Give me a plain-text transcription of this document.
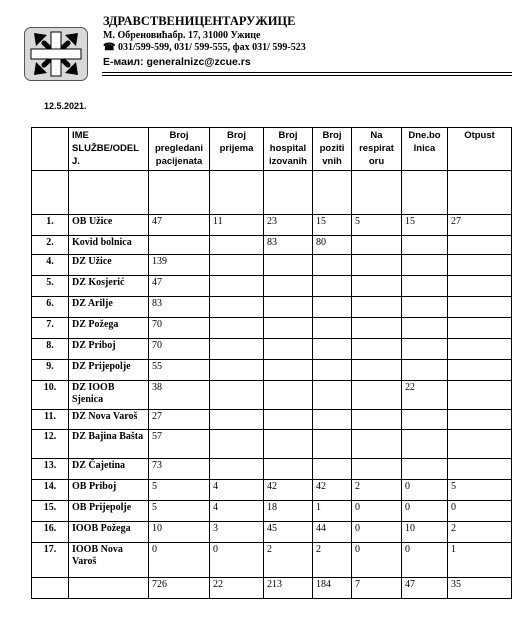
ЗДРАВСТВЕНИЦЕНТАРУЖИЦЕ
М. Обреновићабр. 17, 31000 Ужице
☎ 031/599-599, 031/ 599-555, фах 031/ 599-523
E-маил: generalnizc@zcue.rs
12.5.2021.
	IME SLUŽBE/ODEL J.	Broj pregledani pacijenata	Broj prijema	Broj hospital izovanih	Broj poziti vnih	Na respirat oru	Dne.bo lnica	Otpust

1.	OB Užice	47	11	23	15	5	15	27
2.	Kovid bolnica			83	80			
4.	DZ Užice	139						
5.	DZ Kosjerić	47						
6.	DZ Arilje	83						
7.	DZ Požega	70						
8.	DZ Priboj	70						
9.	DZ Prijepolje	55						
10.	DZ IOOB Sjenica	38					22	
11.	DZ Nova Varoš	27						
12.	DZ Bajina Bašta	57						
13.	DZ Čajetina	73						
14.	OB Priboj	5	4	42	42	2	0	5
15.	OB Prijepolje	5	4	18	1	0	0	0
16.	IOOB Požega	10	3	45	44	0	10	2
17.	IOOB Nova Varoš	0	0	2	2	0	0	1
		726	22	213	184	7	47	35
